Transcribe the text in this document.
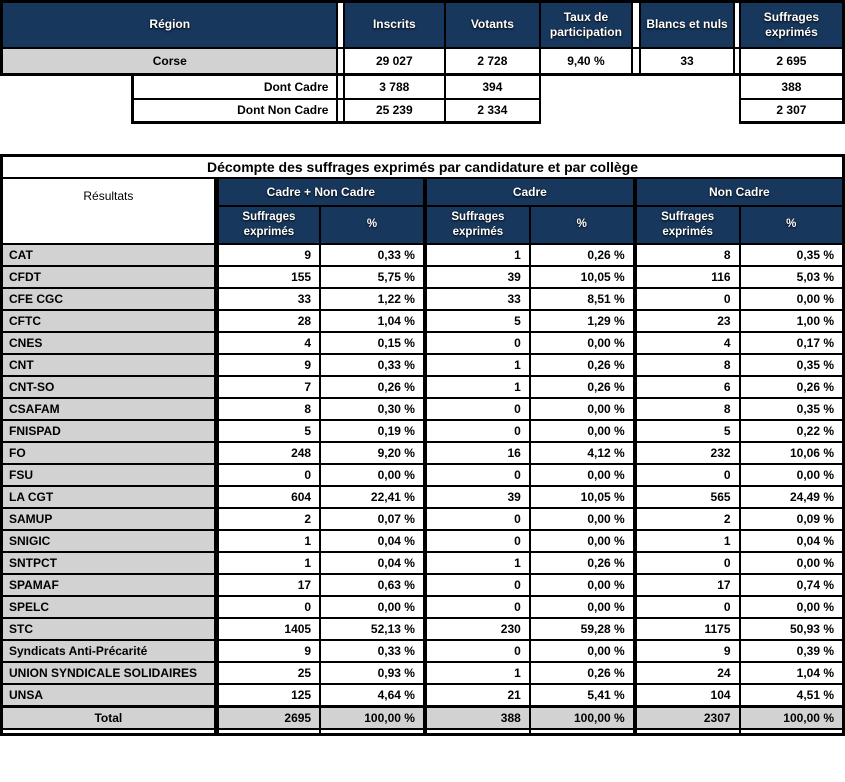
Région			Inscrits	Votants	Taux de participation		Blancs et nuls		Suffrages exprimés
Corse			29 027	2 728	9,40 %		33		2 695
	Dont Cadre		3 788	394					388
	Dont Non Cadre		25 239	2 334					2 307
Décompte des suffrages exprimés par candidature et par collège						
Résultats	Cadre + Non Cadre		Cadre		Non Cadre	
	Suffrages exprimés	%	Suffrages exprimés	%	Suffrages exprimés	%
CAT	9	0,33 %	1	0,26 %	8	0,35 %
CFDT	155	5,75 %	39	10,05 %	116	5,03 %
CFE CGC	33	1,22 %	33	8,51 %	0	0,00 %
CFTC	28	1,04 %	5	1,29 %	23	1,00 %
CNES	4	0,15 %	0	0,00 %	4	0,17 %
CNT	9	0,33 %	1	0,26 %	8	0,35 %
CNT-SO	7	0,26 %	1	0,26 %	6	0,26 %
CSAFAM	8	0,30 %	0	0,00 %	8	0,35 %
FNISPAD	5	0,19 %	0	0,00 %	5	0,22 %
FO	248	9,20 %	16	4,12 %	232	10,06 %
FSU	0	0,00 %	0	0,00 %	0	0,00 %
LA CGT	604	22,41 %	39	10,05 %	565	24,49 %
SAMUP	2	0,07 %	0	0,00 %	2	0,09 %
SNIGIC	1	0,04 %	0	0,00 %	1	0,04 %
SNTPCT	1	0,04 %	1	0,26 %	0	0,00 %
SPAMAF	17	0,63 %	0	0,00 %	17	0,74 %
SPELC	0	0,00 %	0	0,00 %	0	0,00 %
STC	1405	52,13 %	230	59,28 %	1175	50,93 %
Syndicats Anti-Précarité	9	0,33 %	0	0,00 %	9	0,39 %
UNION SYNDICALE SOLIDAIRES	25	0,93 %	1	0,26 %	24	1,04 %
UNSA	125	4,64 %	21	5,41 %	104	4,51 %
Total	2695	100,00 %	388	100,00 %	2307	100,00 %
